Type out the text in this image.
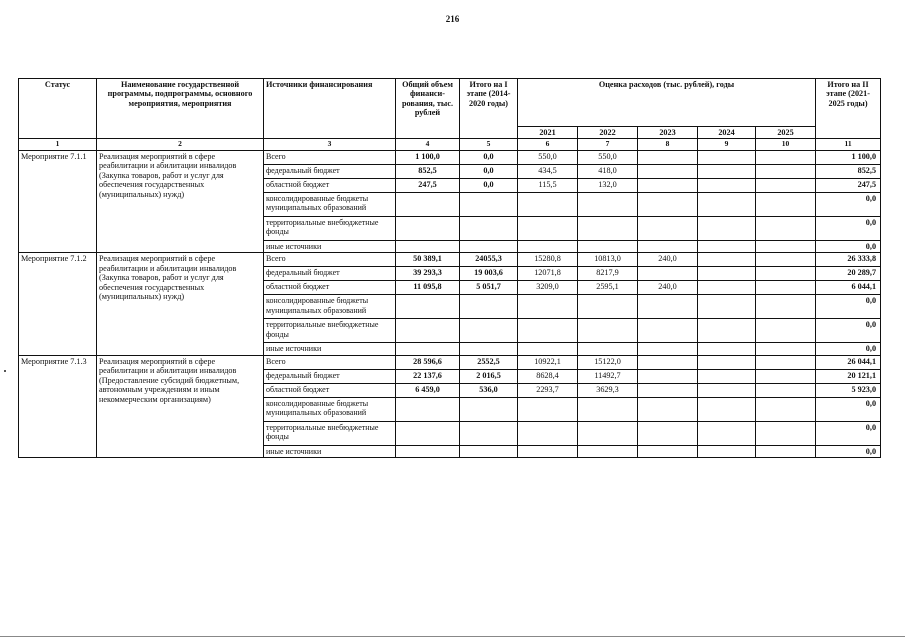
216
Статус	Наименование государственной программы, подпрограммы, основного мероприятия, мероприятия	Источники финансирования	Общий объем финанси-рования, тыс. рублей	Итого на I этапе (2014-2020 годы)	Оценка расходов (тыс. рублей), годы					Итого на II этапе (2021-2025 годы)
					2021	2022	2023	2024	2025	
1	2	3	4	5	6	7	8	9	10	11
Мероприятие 7.1.1	Реализация мероприятий в сфере реабилитации и абилитации инвалидов (Закупка товаров, работ и услуг для обеспечения государственных (муниципальных) нужд)	Всего	1 100,0	0,0	550,0	550,0				1 100,0
		федеральный бюджет	852,5	0,0	434,5	418,0				852,5
		областной бюджет	247,5	0,0	115,5	132,0				247,5
		консолидированные бюджеты муниципальных образований								0,0
		территориальные внебюджетные фонды								0,0
		иные источники								0,0
Мероприятие 7.1.2	Реализация мероприятий в сфере реабилитации и абилитации инвалидов (Закупка товаров, работ и услуг для обеспечения государственных (муниципальных) нужд)	Всего	50 389,1	24055,3	15280,8	10813,0	240,0			26 333,8
		федеральный бюджет	39 293,3	19 003,6	12071,8	8217,9				20 289,7
		областной бюджет	11 095,8	5 051,7	3209,0	2595,1	240,0			6 044,1
		консолидированные бюджеты муниципальных образований								0,0
		территориальные внебюджетные фонды								0,0
		иные источники								0,0
Мероприятие 7.1.3	Реализация мероприятий в сфере реабилитации и абилитации инвалидов (Предоставление субсидий бюджетным, автономным учреждениям и иным некоммерческим организациям)	Всего	28 596,6	2552,5	10922,1	15122,0				26 044,1
		федеральный бюджет	22 137,6	2 016,5	8628,4	11492,7				20 121,1
		областной бюджет	6 459,0	536,0	2293,7	3629,3				5 923,0
		консолидированные бюджеты муниципальных образований								0,0
		территориальные внебюджетные фонды								0,0
		иные источники								0,0
